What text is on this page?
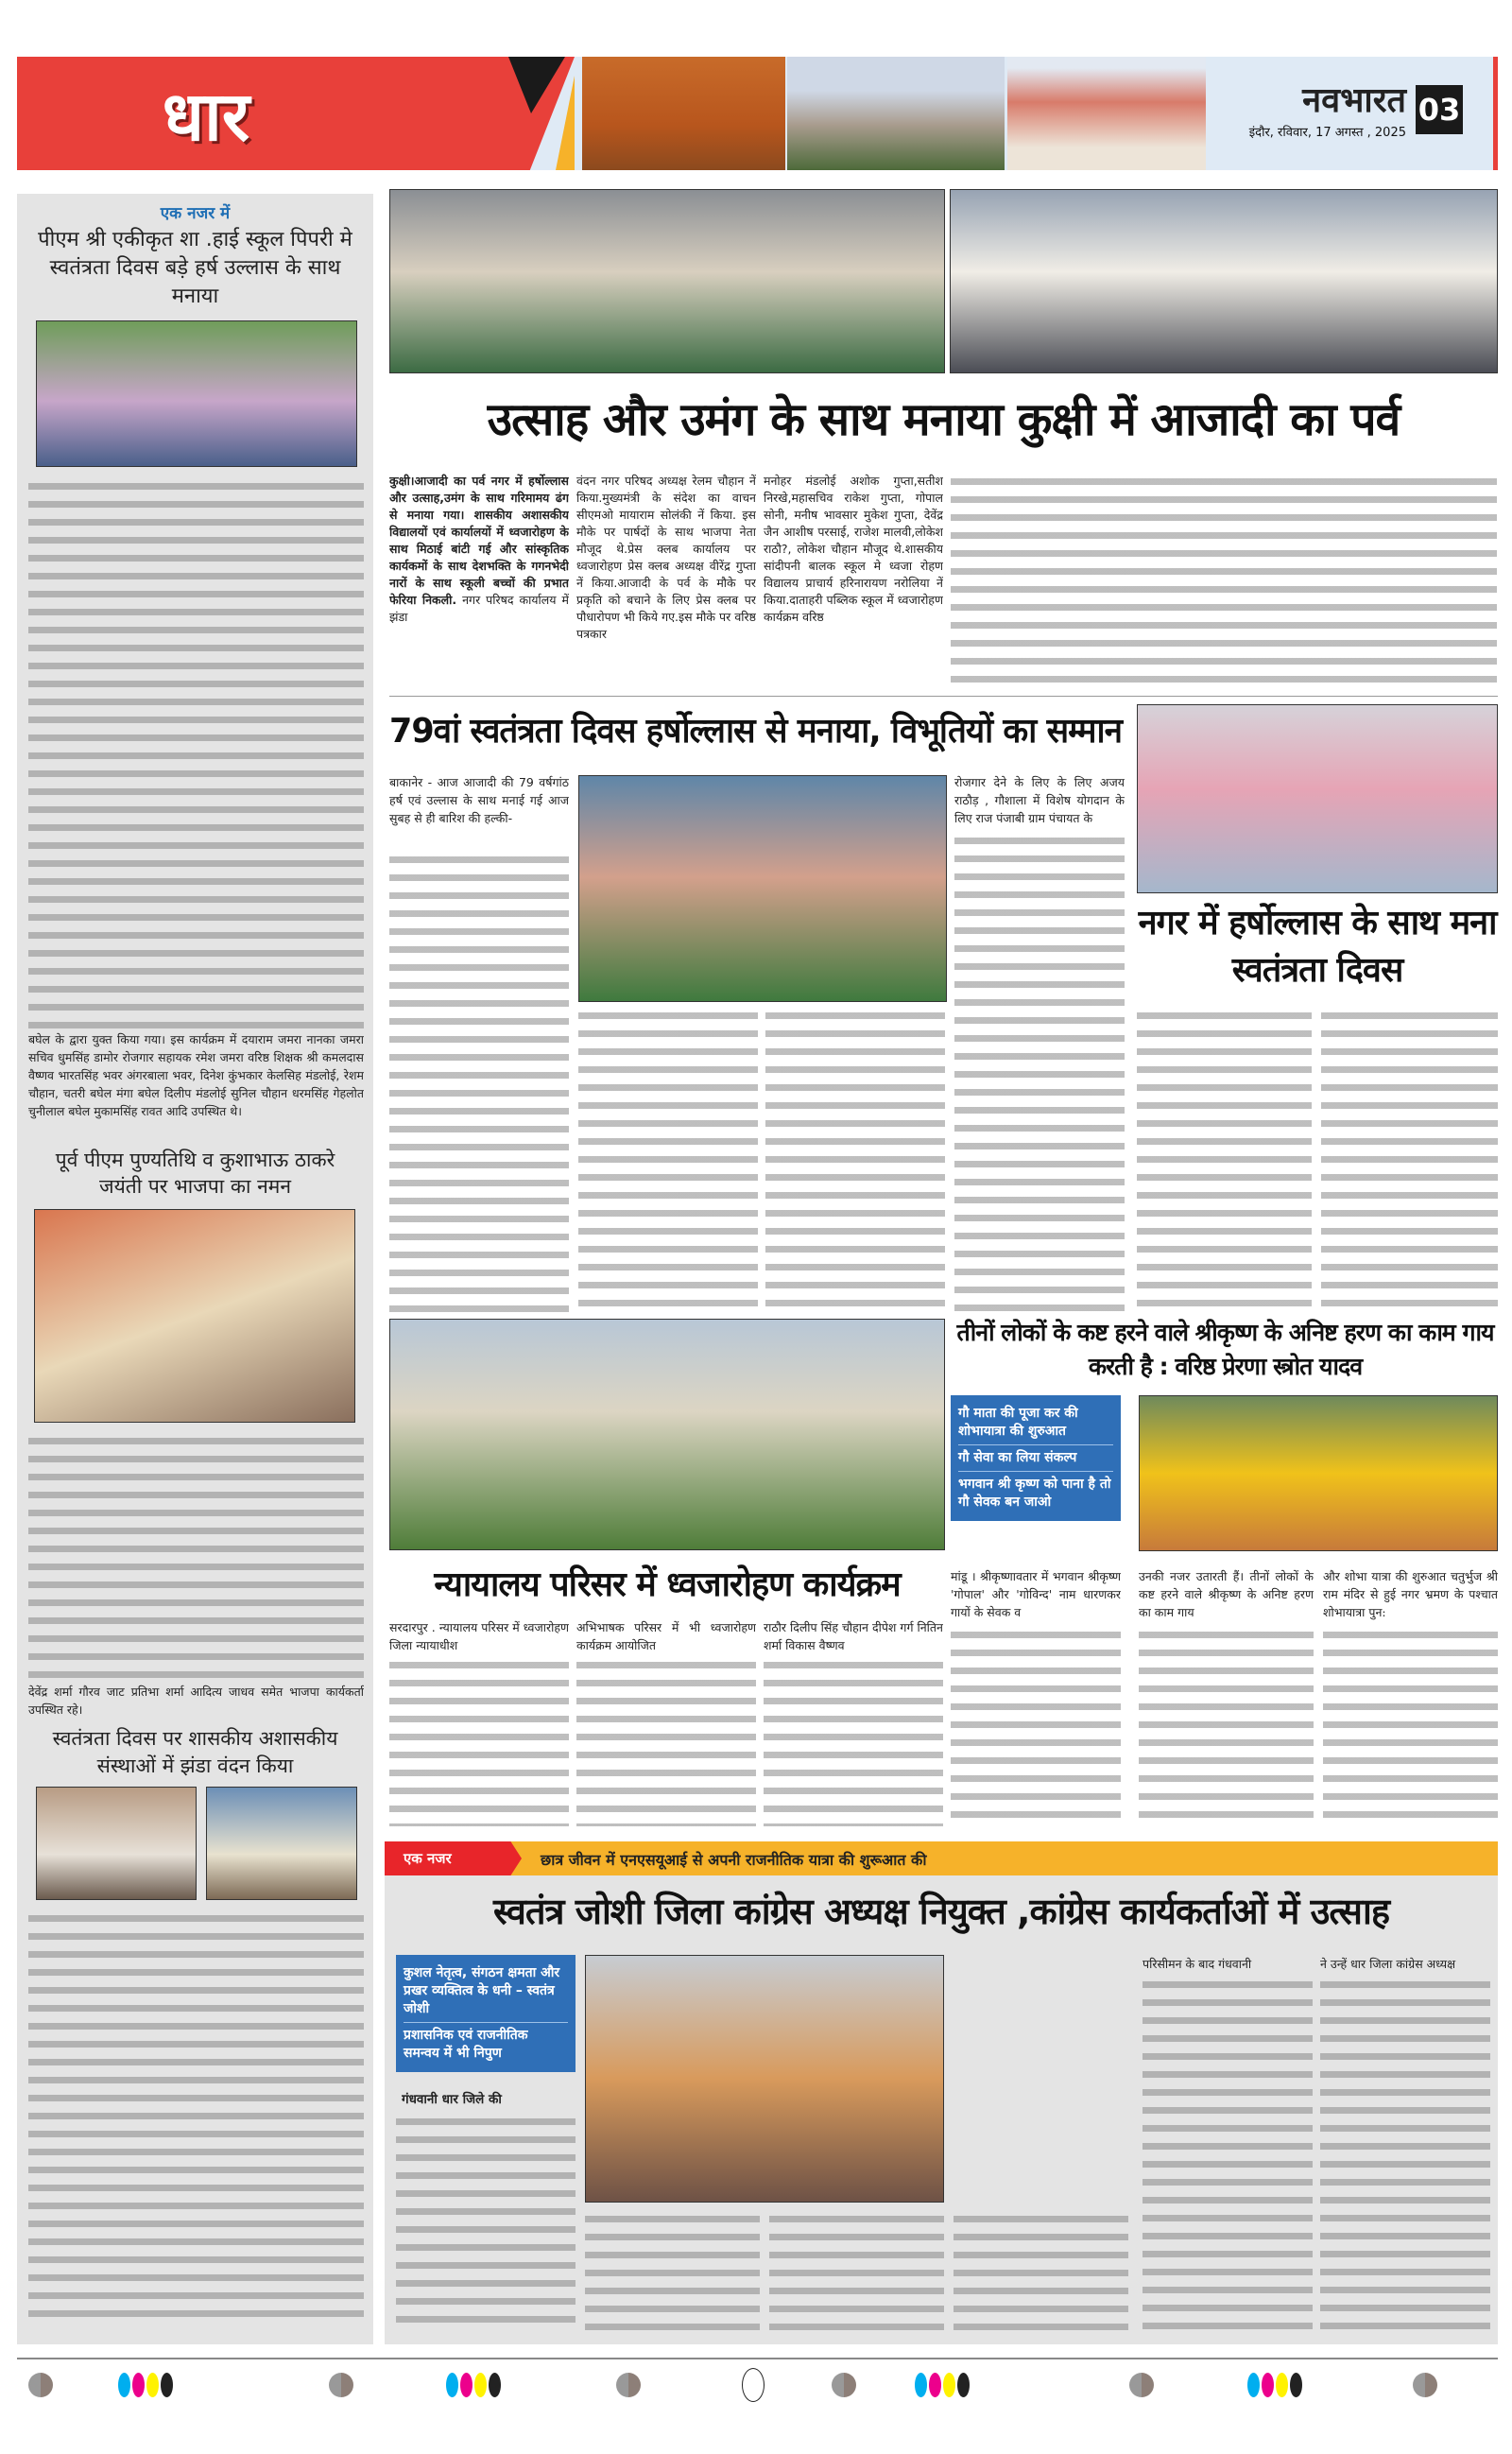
धार	नवभारत
इंदौर, रविवार, 17 अगस्त , 2025
03
एक नजर में
पीएम श्री एकीकृत शा .हाई स्कूल पिपरी मे स्वतंत्रता दिवस बड़े हर्ष उल्लास के साथ मनाया
बघेल के द्वारा युक्त किया गया। इस कार्यक्रम में दयाराम जमरा नानका जमरा सचिव धुमसिंह डामोर रोजगार सहायक रमेश जमरा वरिष्ठ शिक्षक श्री कमलदास वैष्णव भारतसिंह भवर अंगरबाला भवर, दिनेश कुंभकार केलसिह मंडलोई, रेशम चौहान, चतरी बघेल मंगा बघेल दिलीप मंडलोई सुनिल चौहान धरमसिंह गेहलोत चुनीलाल बघेल मुकामसिंह रावत आदि उपस्थित थे।
पूर्व पीएम पुण्यतिथि व कुशाभाऊ ठाकरे जयंती पर भाजपा का नमन
देवेंद्र शर्मा गौरव जाट प्रतिभा शर्मा आदित्य जाधव समेत भाजपा कार्यकर्ता उपस्थित रहे।
स्वतंत्रता दिवस पर शासकीय अशासकीय संस्थाओं में झंडा वंदन किया
उत्साह और उमंग के साथ मनाया कुक्षी में आजादी का पर्व
कुक्षी।आजादी का पर्व नगर में हर्षोल्लास और उत्साह,उमंग के साथ गरिमामय ढंग से मनाया गया। शासकीय अशासकीय विद्यालयों एवं कार्यालयों में ध्वजारोहण के साथ मिठाई बांटी गई और सांस्कृतिक कार्यकमों के साथ देशभक्ति के गगनभेदी नारों के साथ स्कूली बच्चों की प्रभात फेरिया निकली. नगर परिषद कार्यालय में झंडा
वंदन नगर परिषद अध्यक्ष रेलम चौहान नें किया.मुख्यमंत्री के संदेश का वाचन सीएमओ मायाराम सोलंकी नें किया. इस मौके पर पार्षदों के साथ भाजपा नेता मौजूद थे.प्रेस क्लब कार्यालय पर ध्वजारोहण प्रेस क्लब अध्यक्ष वीरेंद्र गुप्ता नें किया.आजादी के पर्व के मौके पर प्रकृति को बचाने के लिए प्रेस क्लब पर पौधारोपण भी किये गए.इस मौके पर वरिष्ठ पत्रकार
मनोहर मंडलोई अशोक गुप्ता,सतीश निरखे,महासचिव राकेश गुप्ता, गोपाल सोनी, मनीष भावसार मुकेश गुप्ता, देवेंद्र जैन आशीष परसाई, राजेश मालवी,लोकेश राठौ?, लोकेश चौहान मौजूद थे.शासकीय सांदीपनी बालक स्कूल मे ध्वजा रोहण विद्यालय प्राचार्य हरिनारायण नरोलिया नें किया.दाताहरी पब्लिक स्कूल में ध्वजारोहण कार्यक्रम वरिष्ठ
79वां स्वतंत्रता दिवस हर्षोल्लास से मनाया, विभूतियों का सम्मान
बाकानेर - आज आजादी की 79 वर्षगांठ हर्ष एवं उल्लास के साथ मनाई गई आज सुबह से ही बारिश की हल्की-
रोजगार देने के लिए के लिए अजय राठौड़ , गौशाला में विशेष योगदान के लिए राज पंजाबी ग्राम पंचायत के
नगर में हर्षोल्लास के साथ मना स्वतंत्रता दिवस
न्यायालय परिसर में ध्वजारोहण कार्यक्रम
सरदारपुर . न्यायालय परिसर में ध्वजारोहण जिला न्यायाधीश
अभिभाषक परिसर में भी ध्वजारोहण कार्यक्रम आयोजित
राठौर दिलीप सिंह चौहान दीपेश गर्ग नितिन शर्मा विकास वैष्णव
तीनों लोकों के कष्ट हरने वाले श्रीकृष्ण के अनिष्ट हरण का काम गाय करती है : वरिष्ठ प्रेरणा स्त्रोत यादव
गौ माता की पूजा कर की शोभायात्रा की शुरुआत
गौ सेवा का लिया संकल्प
भगवान श्री कृष्ण को पाना है तो गौ सेवक बन जाओ
मांडू । श्रीकृष्णावतार में भगवान श्रीकृष्ण 'गोपाल' और 'गोविन्द' नाम धारणकर गायों के सेवक व
उनकी नजर उतारती हैं। तीनों लोकों के कष्ट हरने वाले श्रीकृष्ण के अनिष्ट हरण का काम गाय
और शोभा यात्रा की शुरुआत चतुर्भुज श्री राम मंदिर से हुई नगर भ्रमण के पश्चात शोभायात्रा पुन:
एक नजर	छात्र जीवन में एनएसयूआई से अपनी राजनीतिक यात्रा की शुरूआत की
स्वतंत्र जोशी जिला कांग्रेस अध्यक्ष नियुक्त ,कांग्रेस कार्यकर्ताओं में उत्साह
कुशल नेतृत्व, संगठन क्षमता और प्रखर व्यक्तित्व के धनी – स्वतंत्र जोशी
प्रशासनिक एवं राजनीतिक समन्वय में भी निपुण
गंधवानी धार जिले की
परिसीमन के बाद गंधवानी	ने उन्हें धार जिला कांग्रेस अध्यक्ष
